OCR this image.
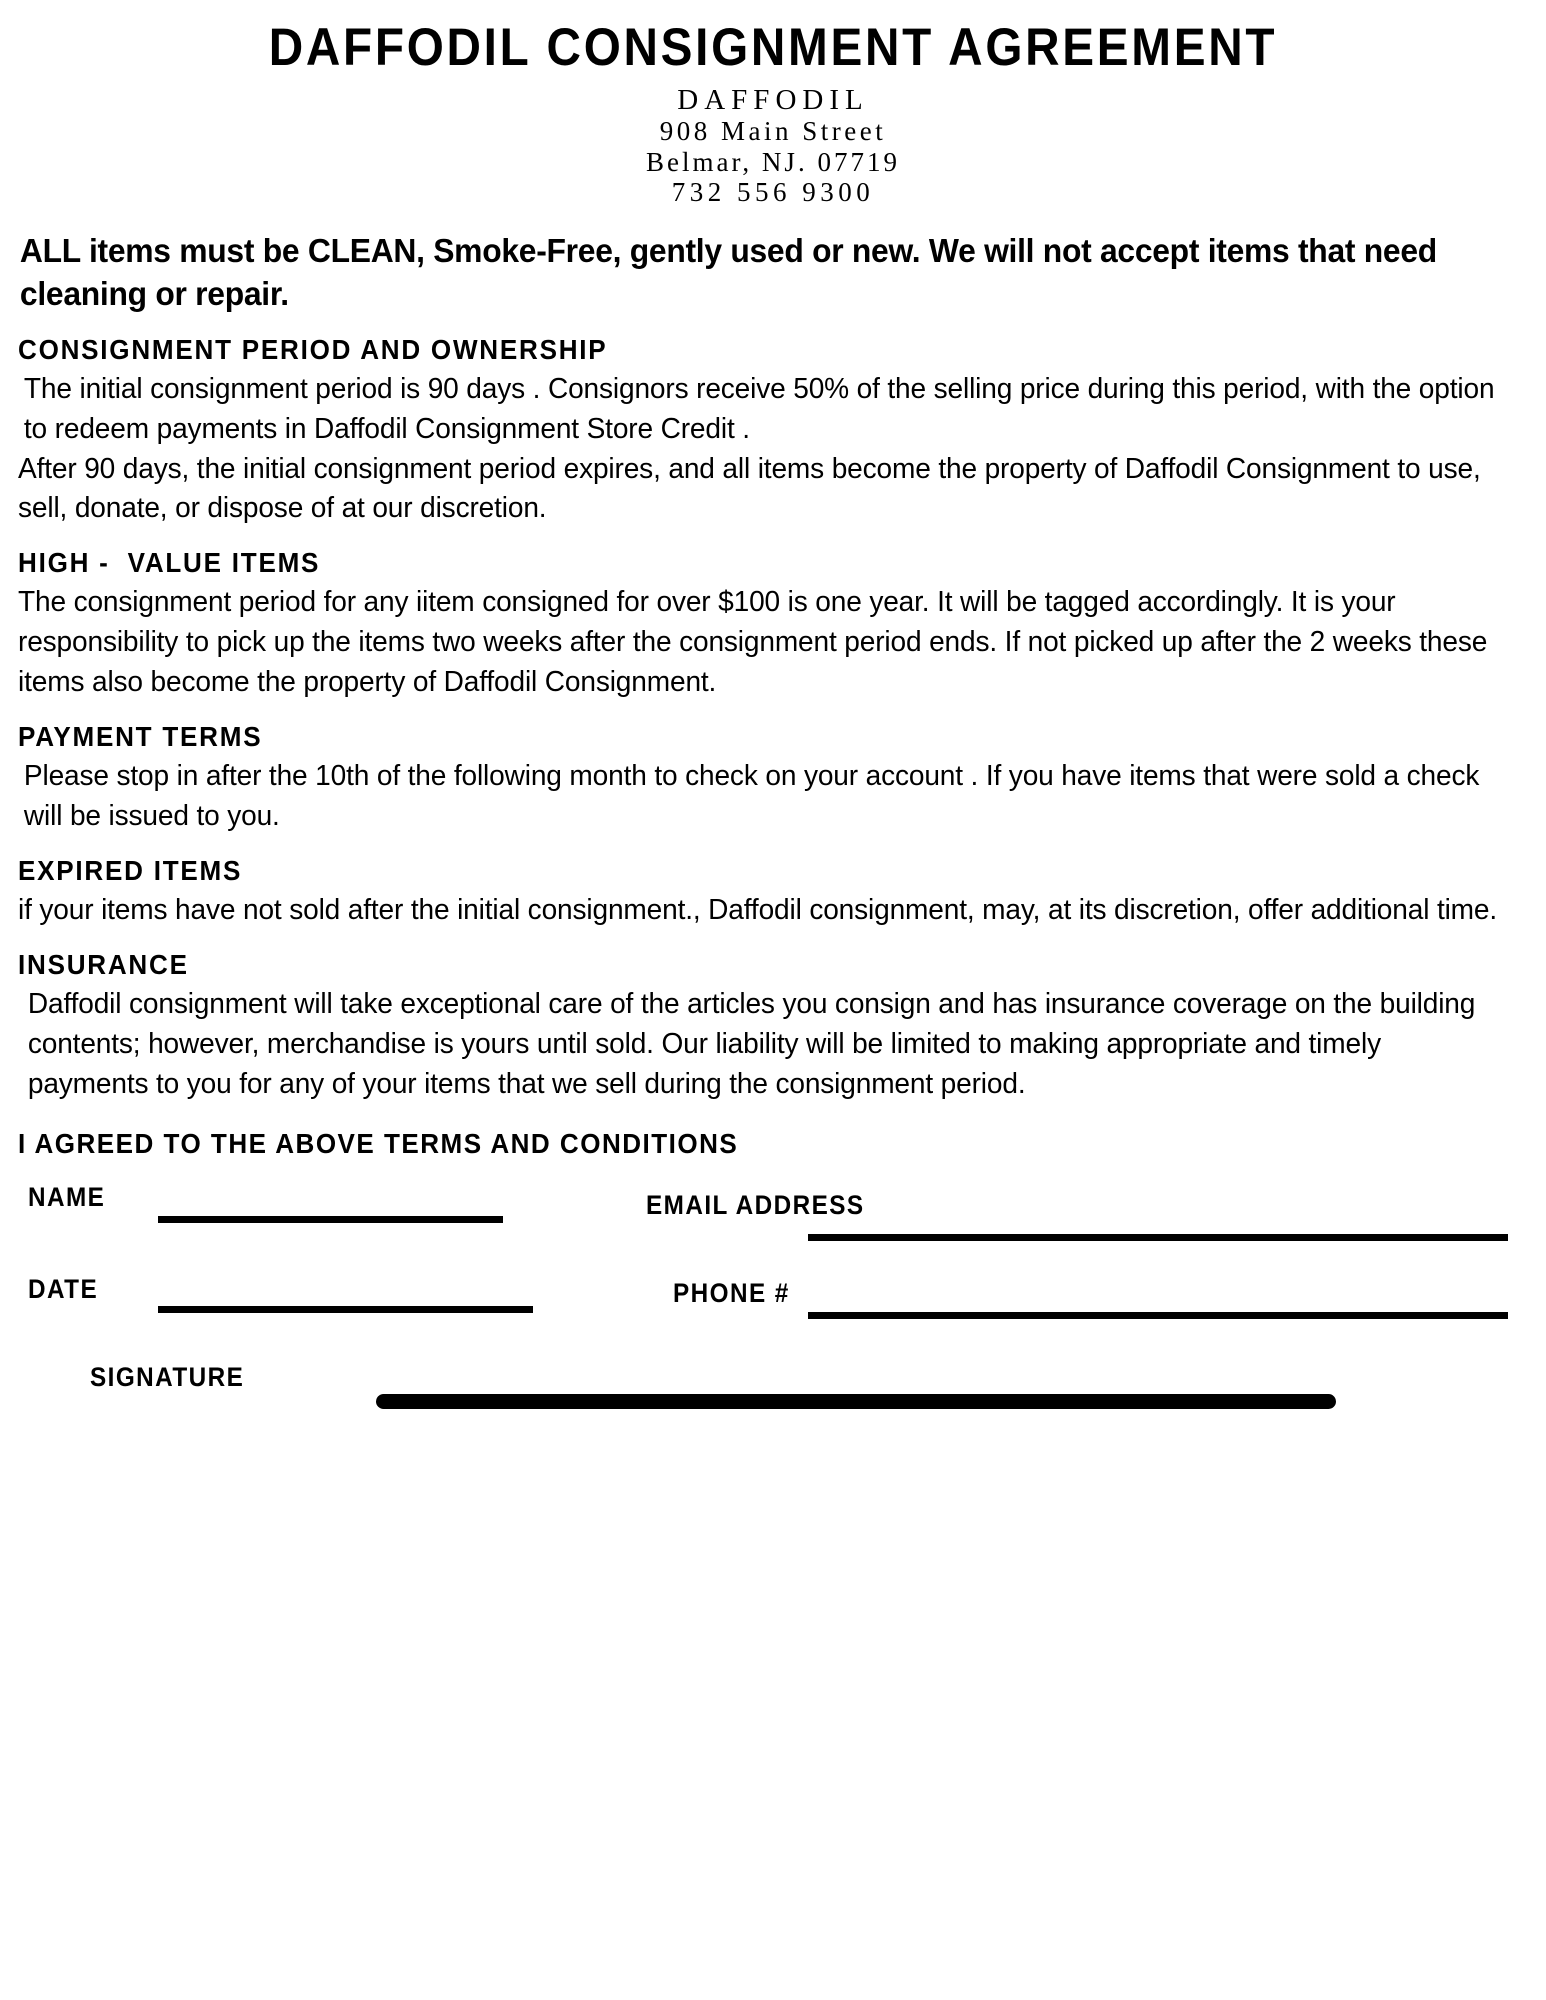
DAFFODIL CONSIGNMENT AGREEMENT
DAFFODIL
908 Main Street
Belmar, NJ. 07719
732 556 9300
ALL items must be CLEAN, Smoke-Free, gently used or new. We will not accept items that need cleaning or repair.
CONSIGNMENT PERIOD AND OWNERSHIP

The initial consignment period is 90 days . Consignors receive 50% of the selling price during this period, with the option to redeem payments in Daffodil Consignment Store Credit .

After 90 days, the initial consignment period expires, and all items become the property of Daffodil Consignment to use, sell, donate, or dispose of at our discretion.

HIGH -  VALUE ITEMS

The consignment period for any iitem consigned for over $100 is one year. It will be tagged accordingly. It is your responsibility to pick up the items two weeks after the consignment period ends. If not picked up after the 2 weeks these items also become the property of Daffodil Consignment.

PAYMENT TERMS

Please stop in after the 10th of the following month to check on your account . If you have items that were sold a check will be issued to you.

EXPIRED ITEMS

if your items have not sold after the initial consignment., Daffodil consignment, may, at its discretion, offer additional time.

INSURANCE

Daffodil consignment will take exceptional care of the articles you consign and has insurance coverage on the building contents; however, merchandise is yours until sold. Our liability will be limited to making appropriate and timely payments to you for any of your items that we sell during the consignment period.

I AGREED TO THE ABOVE TERMS AND CONDITIONS
NAME	EMAIL ADDRESS
DATE	PHONE #
SIGNATURE
